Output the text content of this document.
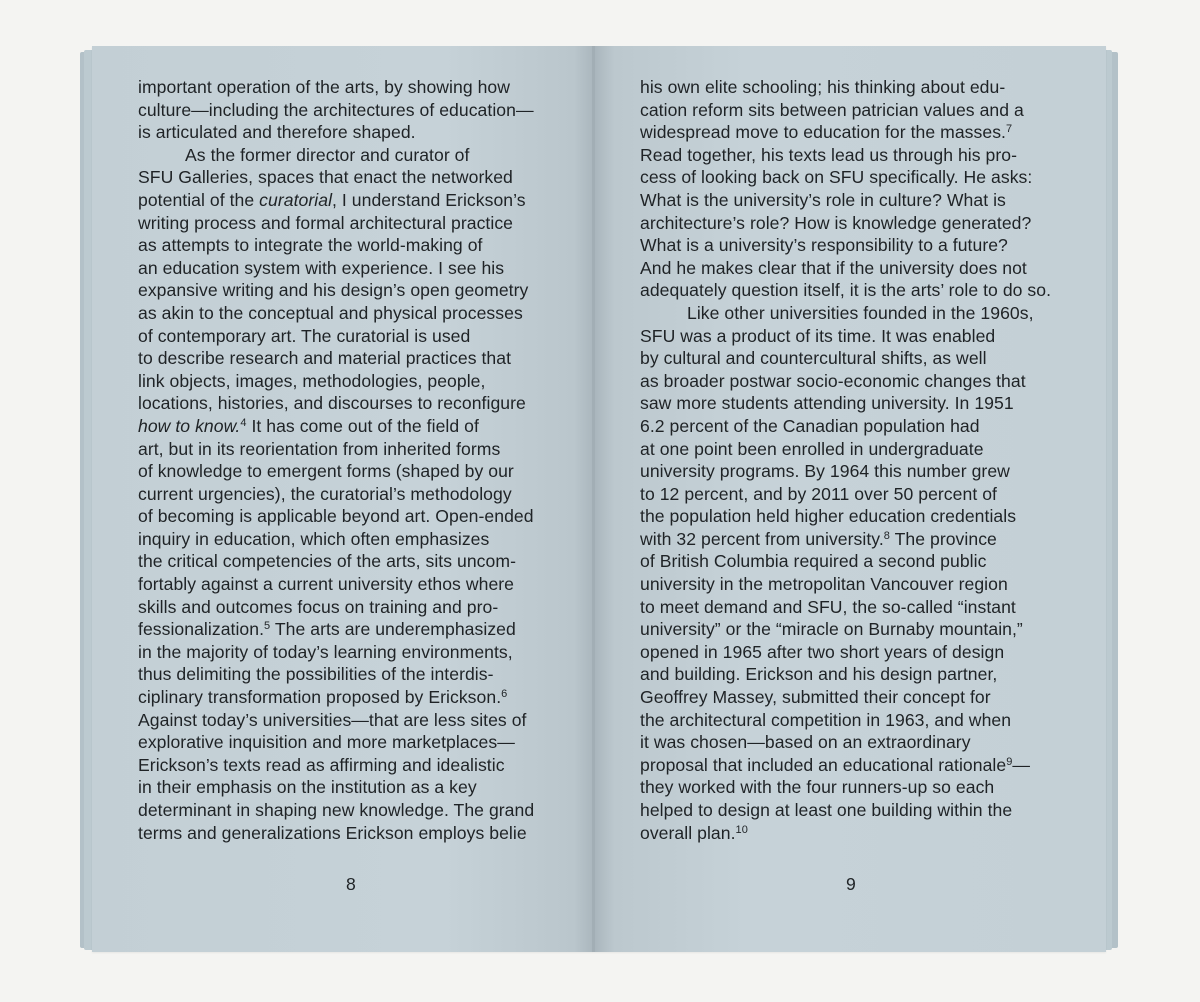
important operation of the arts, by showing how
culture—including the architectures of education—
is articulated and therefore shaped.

As the former director and curator of
SFU Galleries, spaces that enact the networked
potential of the curatorial, I understand Erickson’s
writing process and formal architectural practice
as attempts to integrate the world-making of
an education system with experience. I see his
expansive writing and his design’s open geometry
as akin to the conceptual and physical processes
of contemporary art. The curatorial is used
to describe research and material practices that
link objects, images, methodologies, people,
locations, histories, and discourses to reconfigure
how to know.$^4$ It has come out of the field of
art, but in its reorientation from inherited forms
of knowledge to emergent forms (shaped by our
current urgencies), the curatorial’s methodology
of becoming is applicable beyond art. Open-ended
inquiry in education, which often emphasizes
the critical competencies of the arts, sits uncom-
fortably against a current university ethos where
skills and outcomes focus on training and pro-
fessionalization.$^5$ The arts are underemphasized
in the majority of today’s learning environments,
thus delimiting the possibilities of the interdis-
ciplinary transformation proposed by Erickson.$^6$
Against today’s universities—that are less sites of
explorative inquisition and more marketplaces—
Erickson’s texts read as affirming and idealistic
in their emphasis on the institution as a key
determinant in shaping new knowledge. The grand
terms and generalizations Erickson employs belie

his own elite schooling; his thinking about edu-
cation reform sits between patrician values and a
widespread move to education for the masses.$^7$
Read together, his texts lead us through his pro-
cess of looking back on SFU specifically. He asks:
What is the university’s role in culture? What is
architecture’s role? How is knowledge generated?
What is a university’s responsibility to a future?
And he makes clear that if the university does not
adequately question itself, it is the arts’ role to do so.

Like other universities founded in the 1960s,
SFU was a product of its time. It was enabled
by cultural and countercultural shifts, as well
as broader postwar socio-economic changes that
saw more students attending university. In 1951
6.2 percent of the Canadian population had
at one point been enrolled in undergraduate
university programs. By 1964 this number grew
to 12 percent, and by 2011 over 50 percent of
the population held higher education credentials
with 32 percent from university.$^8$ The province
of British Columbia required a second public
university in the metropolitan Vancouver region
to meet demand and SFU, the so-called “instant
university” or the “miracle on Burnaby mountain,”
opened in 1965 after two short years of design
and building. Erickson and his design partner,
Geoffrey Massey, submitted their concept for
the architectural competition in 1963, and when
it was chosen—based on an extraordinary
proposal that included an educational rationale$^9$—
they worked with the four runners-up so each
helped to design at least one building within the
overall plan.$^{10}$

8	9
